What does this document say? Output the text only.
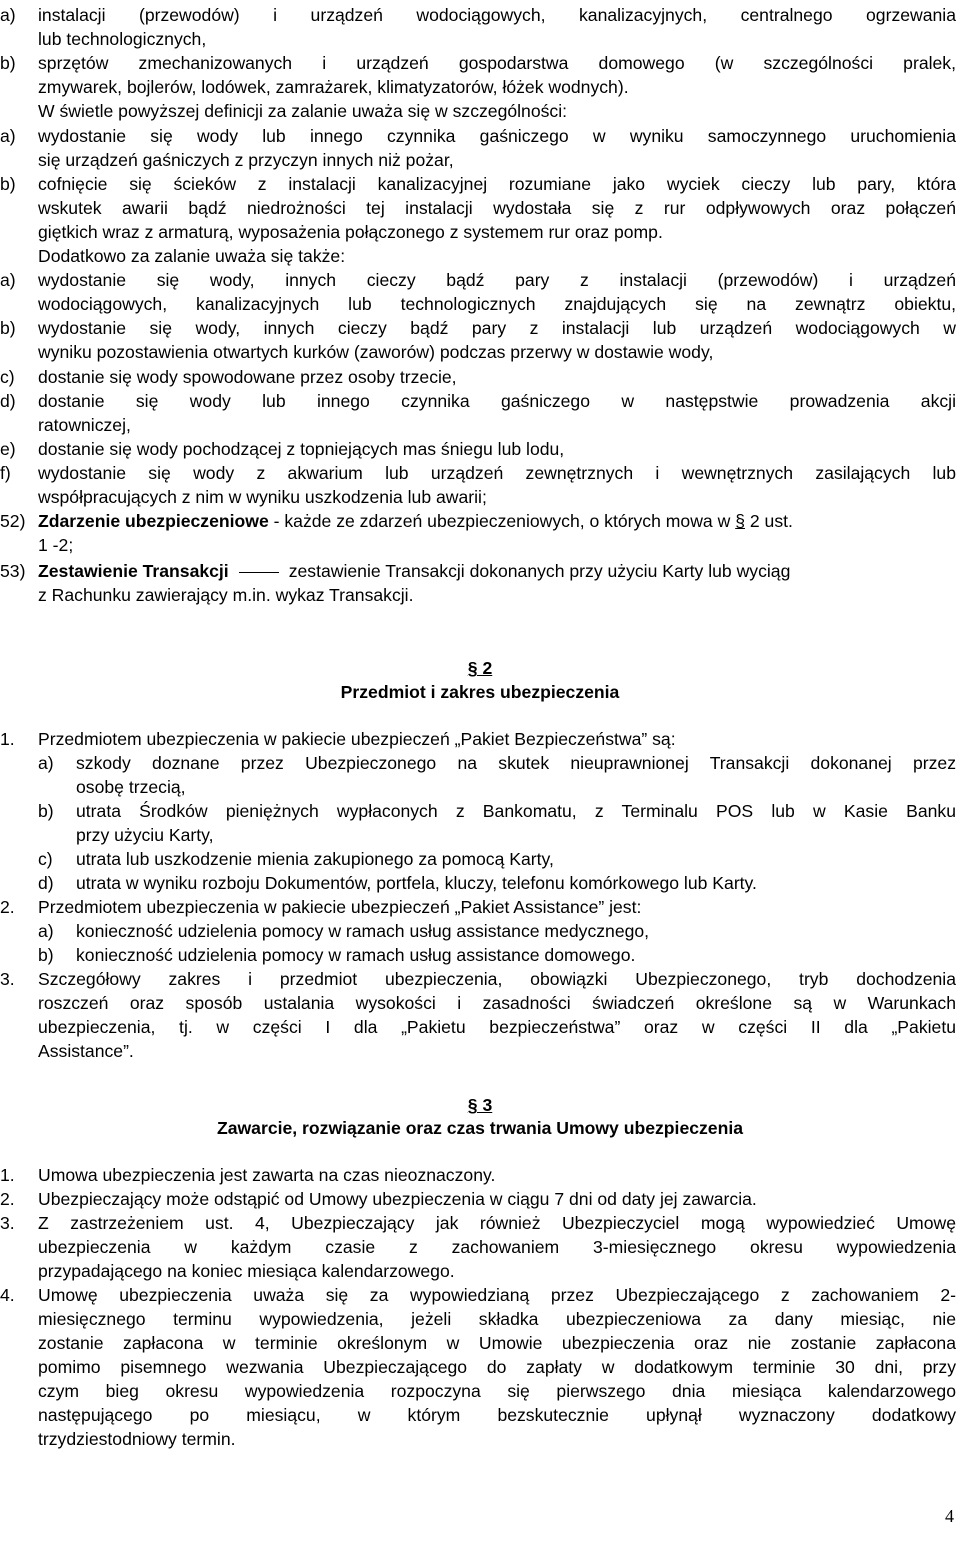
a) instalacji (przewodów) i urządzeń wodociągowych, kanalizacyjnych, centralnego ogrzewania
lub technologicznych,
b) sprzętów zmechanizowanych i urządzeń gospodarstwa domowego (w szczególności pralek,
zmywarek, bojlerów, lodówek, zamrażarek, klimatyzatorów, łóżek wodnych).
W świetle powyższej definicji za zalanie uważa się w szczególności:
a) wydostanie się wody lub innego czynnika gaśniczego w wyniku samoczynnego uruchomienia
się urządzeń gaśniczych z przyczyn innych niż pożar,
b) cofnięcie się ścieków z instalacji kanalizacyjnej rozumiane jako wyciek cieczy lub pary, która
wskutek awarii bądź niedrożności tej instalacji wydostała się z rur odpływowych oraz połączeń
giętkich wraz z armaturą, wyposażenia połączonego z systemem rur oraz pomp.
Dodatkowo za zalanie uważa się także:
a) wydostanie się wody, innych cieczy bądź pary z instalacji (przewodów) i urządzeń
wodociągowych, kanalizacyjnych lub technologicznych znajdujących się na zewnątrz obiektu,
b) wydostanie się wody, innych cieczy bądź pary z instalacji lub urządzeń wodociągowych w
wyniku pozostawienia otwartych kurków (zaworów) podczas przerwy w dostawie wody,
c) dostanie się wody spowodowane przez osoby trzecie,
d) dostanie się wody lub innego czynnika gaśniczego w następstwie prowadzenia akcji
ratowniczej,
e) dostanie się wody pochodzącej z topniejących mas śniegu lub lodu,
f) wydostanie się wody z akwarium lub urządzeń zewnętrznych i wewnętrznych zasilających lub
współpracujących z nim w wyniku uszkodzenia lub awarii;
52) Zdarzenie ubezpieczeniowe - każde ze zdarzeń ubezpieczeniowych, o których mowa w § 2 ust.
1 -2;
53) Zestawienie Transakcji	zestawienie Transakcji dokonanych przy użyciu Karty lub wyciąg
z Rachunku zawierający m.in. wykaz Transakcji.
§ 2
Przedmiot i zakres ubezpieczenia
1. Przedmiotem ubezpieczenia w pakiecie ubezpieczeń „Pakiet Bezpieczeństwa” są:
a) szkody doznane przez Ubezpieczonego na skutek nieuprawnionej Transakcji dokonanej przez
osobę trzecią,
b) utrata Środków pieniężnych wypłaconych z Bankomatu, z Terminalu POS lub w Kasie Banku
przy użyciu Karty,
c) utrata lub uszkodzenie mienia zakupionego za pomocą Karty,
d) utrata w wyniku rozboju Dokumentów, portfela, kluczy, telefonu komórkowego lub Karty.
2. Przedmiotem ubezpieczenia w pakiecie ubezpieczeń „Pakiet Assistance” jest:
a) konieczność udzielenia pomocy w ramach usług assistance medycznego,
b) konieczność udzielenia pomocy w ramach usług assistance domowego.
3. Szczegółowy zakres i przedmiot ubezpieczenia, obowiązki Ubezpieczonego, tryb dochodzenia
roszczeń oraz sposób ustalania wysokości i zasadności świadczeń określone są w Warunkach
ubezpieczenia, tj. w części I dla „Pakietu bezpieczeństwa” oraz w części II dla „Pakietu
Assistance”.
§ 3
Zawarcie, rozwiązanie oraz czas trwania Umowy ubezpieczenia
1. Umowa ubezpieczenia jest zawarta na czas nieoznaczony.
2. Ubezpieczający może odstąpić od Umowy ubezpieczenia w ciągu 7 dni od daty jej zawarcia.
3. Z zastrzeżeniem ust. 4, Ubezpieczający jak również Ubezpieczyciel mogą wypowiedzieć Umowę
ubezpieczenia w każdym czasie z zachowaniem 3-miesięcznego okresu wypowiedzenia
przypadającego na koniec miesiąca kalendarzowego.
4. Umowę ubezpieczenia uważa się za wypowiedzianą przez Ubezpieczającego z zachowaniem 2-
miesięcznego terminu wypowiedzenia, jeżeli składka ubezpieczeniowa za dany miesiąc, nie
zostanie zapłacona w terminie określonym w Umowie ubezpieczenia oraz nie zostanie zapłacona
pomimo pisemnego wezwania Ubezpieczającego do zapłaty w dodatkowym terminie 30 dni, przy
czym bieg okresu wypowiedzenia rozpoczyna się pierwszego dnia miesiąca kalendarzowego
następującego po miesiącu, w którym bezskutecznie upłynął wyznaczony dodatkowy
trzydziestodniowy termin.
4
